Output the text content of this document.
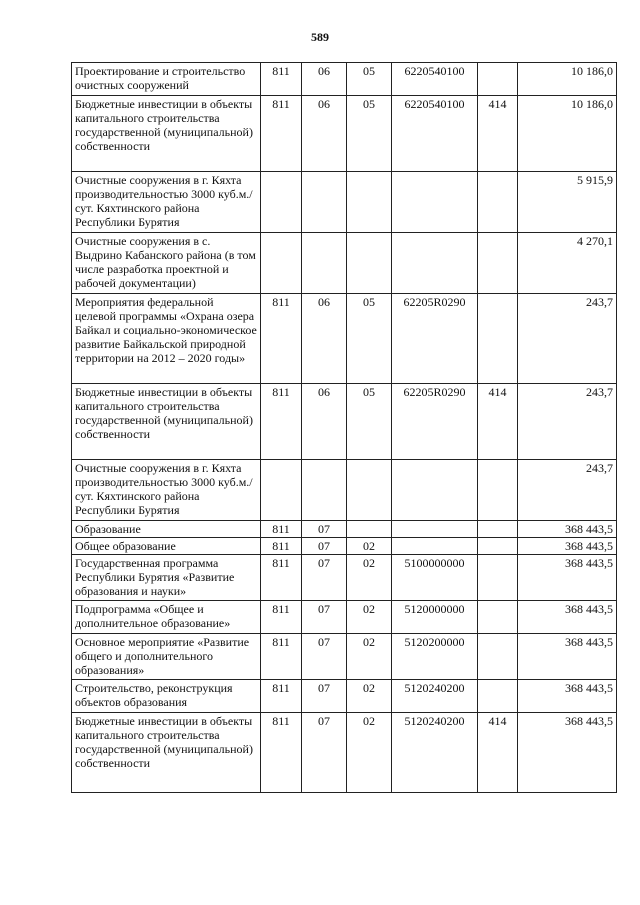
589
Проектирование и строительство очистных сооружений	811	06	05	6220540100		10 186,0
Бюджетные инвестиции в объекты капитального строительства государственной (муниципальной) собственности	811	06	05	6220540100	414	10 186,0
Очистные сооружения в г. Кяхта производительностью 3000 куб.м./сут. Кяхтинского района Республики Бурятия						5 915,9
Очистные сооружения в с. Выдрино Кабанского района (в том числе разработка проектной и рабочей документации)						4 270,1
Мероприятия федеральной целевой программы «Охрана озера Байкал и социально-экономическое развитие Байкальской природной территории на 2012 – 2020 годы»	811	06	05	62205R0290		243,7
Бюджетные инвестиции в объекты капитального строительства государственной (муниципальной) собственности	811	06	05	62205R0290	414	243,7
Очистные сооружения в г. Кяхта производительностью 3000 куб.м./сут. Кяхтинского района Республики Бурятия						243,7
Образование	811	07				368 443,5
Общее образование	811	07	02			368 443,5
Государственная программа Республики Бурятия «Развитие образования и науки»	811	07	02	5100000000		368 443,5
Подпрограмма «Общее и дополнительное образование»	811	07	02	5120000000		368 443,5
Основное мероприятие «Развитие общего и дополнительного образования»	811	07	02	5120200000		368 443,5
Строительство, реконструкция объектов образования	811	07	02	5120240200		368 443,5
Бюджетные инвестиции в объекты капитального строительства государственной (муниципальной) собственности	811	07	02	5120240200	414	368 443,5
